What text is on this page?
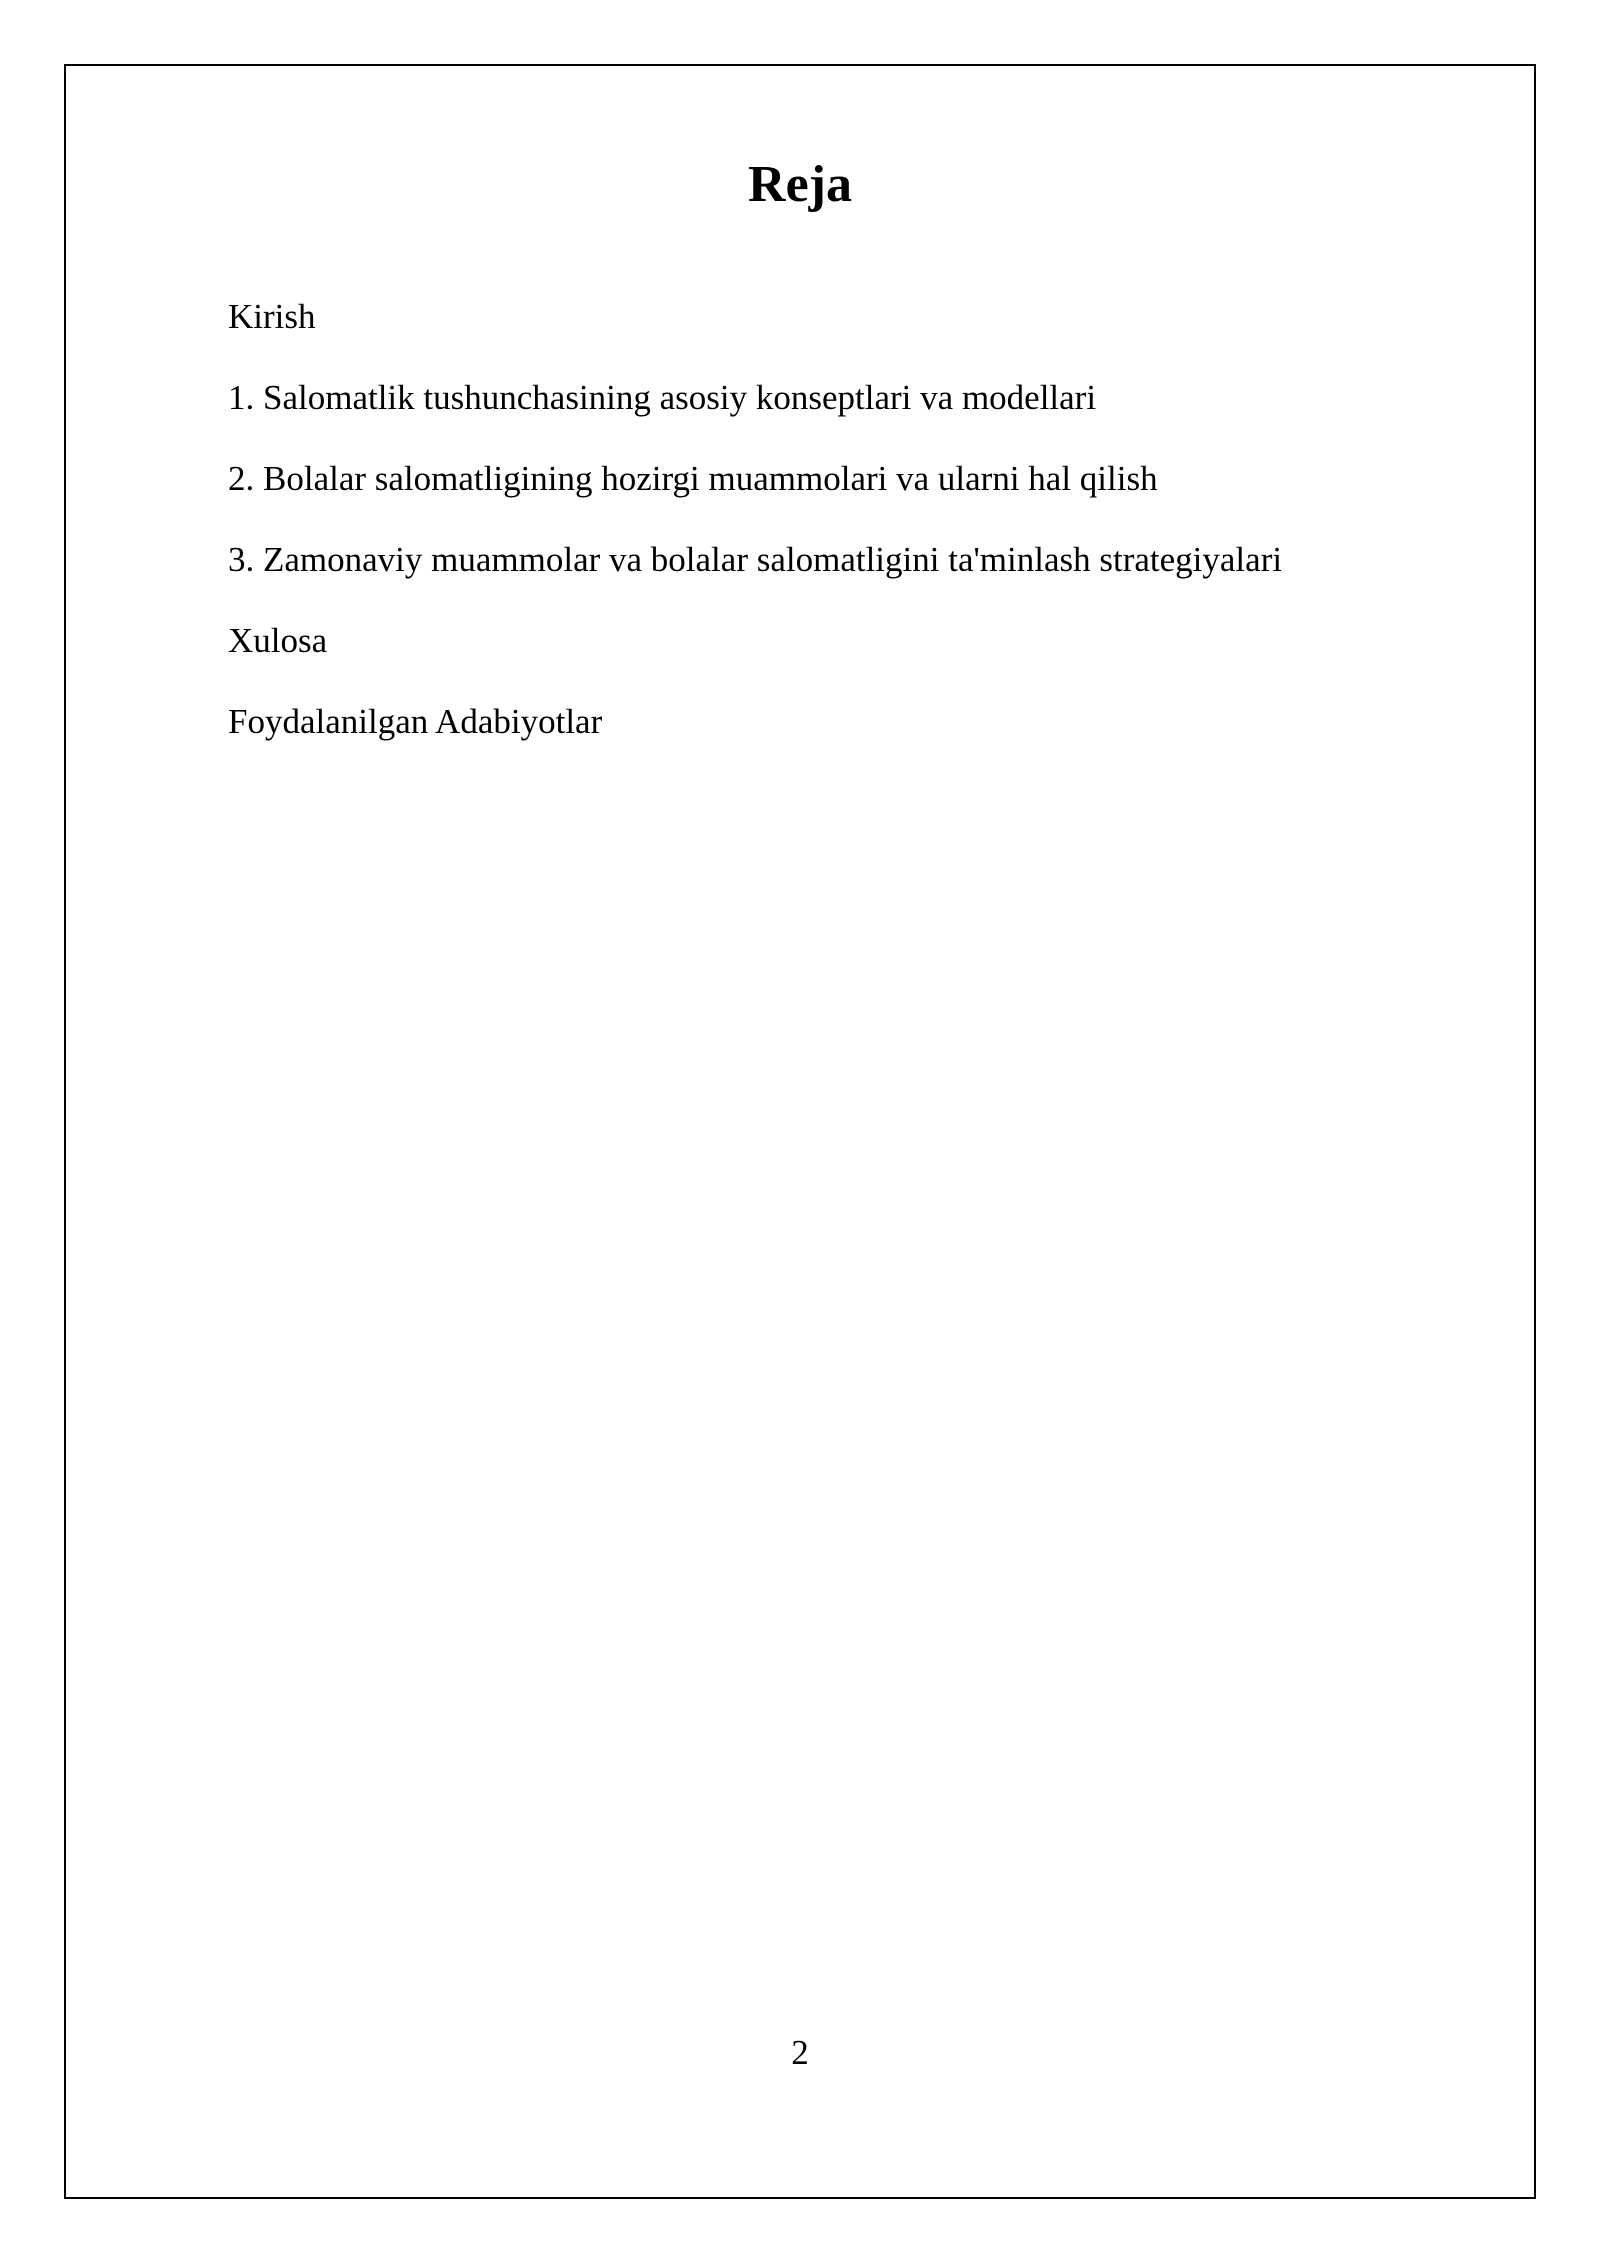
Reja
Kirish
1. Salomatlik tushunchasining asosiy konseptlari va modellari
2. Bolalar salomatligining hozirgi muammolari va ularni hal qilish
3. Zamonaviy muammolar va bolalar salomatligini ta'minlash strategiyalari
Xulosa
Foydalanilgan Adabiyotlar
2
